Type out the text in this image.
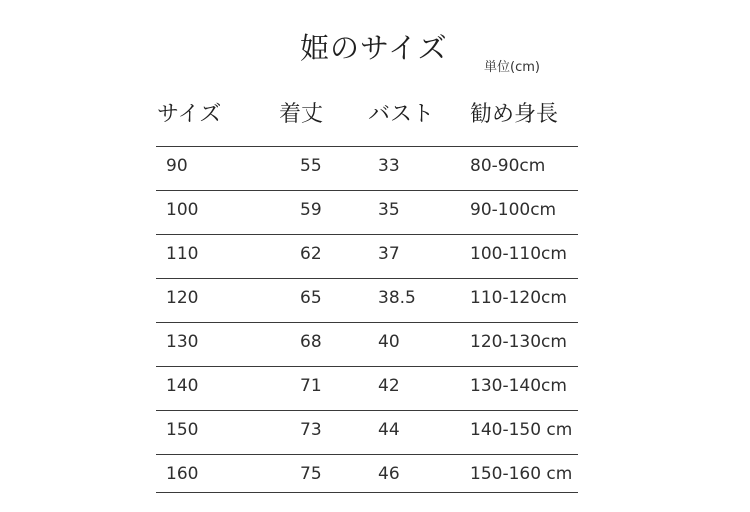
姫のサイズ
単位(cm)
サイズ	着丈 バスト 勧め身長
90	55	33	80-90cm
100	59	35	90-100cm
110	62	37	100-110cm
120	65	38.5	110-120cm
130	68	40	120-130cm
140	71	42	130-140cm
150	73	44	140-150 cm
160	75	46	150-160 cm
